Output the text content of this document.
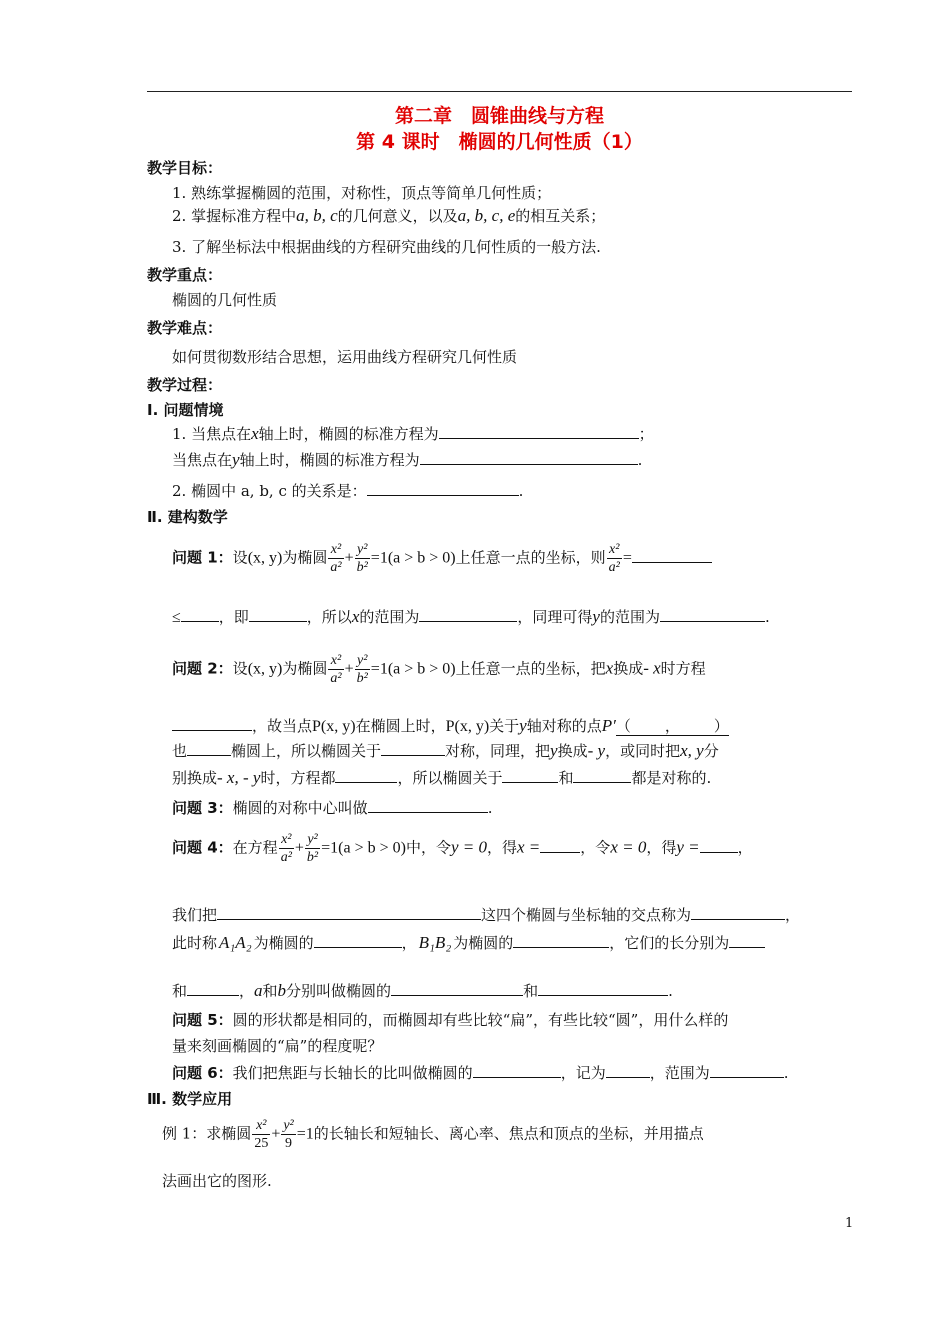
第二章　圆锥曲线与方程
第 4 课时　椭圆的几何性质（1）
教学目标：
1. 熟练掌握椭圆的范围，对称性，顶点等简单几何性质；
2. 掌握标准方程中a, b, c的几何意义，以及a, b, c, e的相互关系；
3. 了解坐标法中根据曲线的方程研究曲线的几何性质的一般方法.
教学重点：
椭圆的几何性质
教学难点：
如何贯彻数形结合思想，运用曲线方程研究几何性质
教学过程：
Ⅰ. 问题情境
1. 当焦点在x轴上时，椭圆的标准方程为	；
当焦点在y轴上时，椭圆的标准方程为	.
2. 椭圆中 a, b, c 的关系是：	.
Ⅱ. 建构数学
问题 1：设(x, y)为椭圆 $\frac{\text{x²}}{\text{a²}} + \frac{\text{y²}}{\text{b²}} =1(a > b > 0)$上任意一点的坐标，则 $\frac{\text{x²}}{\text{a²}}$ =
≤	，即	，所以x的范围为	，同理可得y的范围为	.
问题 2：设(x, y)为椭圆 $\frac{\text{x²}}{\text{a²}} + \frac{\text{y²}}{\text{b²}} =1(a > b > 0)$上任意一点的坐标，把x换成- x时方程
，故当点P(x, y)在椭圆上时，P(x, y)关于y轴对称的点P′（ ， ）
也	椭圆上，所以椭圆关于	对称，同理，把y换成- y，或同时把x, y分
别换成- x, - y时，方程都	，所以椭圆关于	和	都是对称的.
问题 3：椭圆的对称中心叫做	.
问题 4：在方程 $\frac{\text{x²}}{\text{a²}} + \frac{\text{y²}}{\text{b²}} =1(a > b > 0)$中，令y = 0，得x =	，令x = 0，得y =	，
我们把	这四个椭圆与坐标轴的交点称为	，
此时称 A₁A₂ 为椭圆的	， B₁B₂ 为椭圆的	，它们的长分别为
和	，a和b分别叫做椭圆的	和	.
问题 5：圆的形状都是相同的，而椭圆却有些比较“扁”，有些比较“圆”，用什么样的
量来刻画椭圆的“扁”的程度呢？
问题 6：我们把焦距与长轴长的比叫做椭圆的	，记为	，范围为	.
Ⅲ. 数学应用
例 1：求椭圆 $\frac{\text{x²}}{25} + \frac{\text{y²}}{9} =1$的长轴长和短轴长、离心率、焦点和顶点的坐标，并用描点
法画出它的图形.
1
